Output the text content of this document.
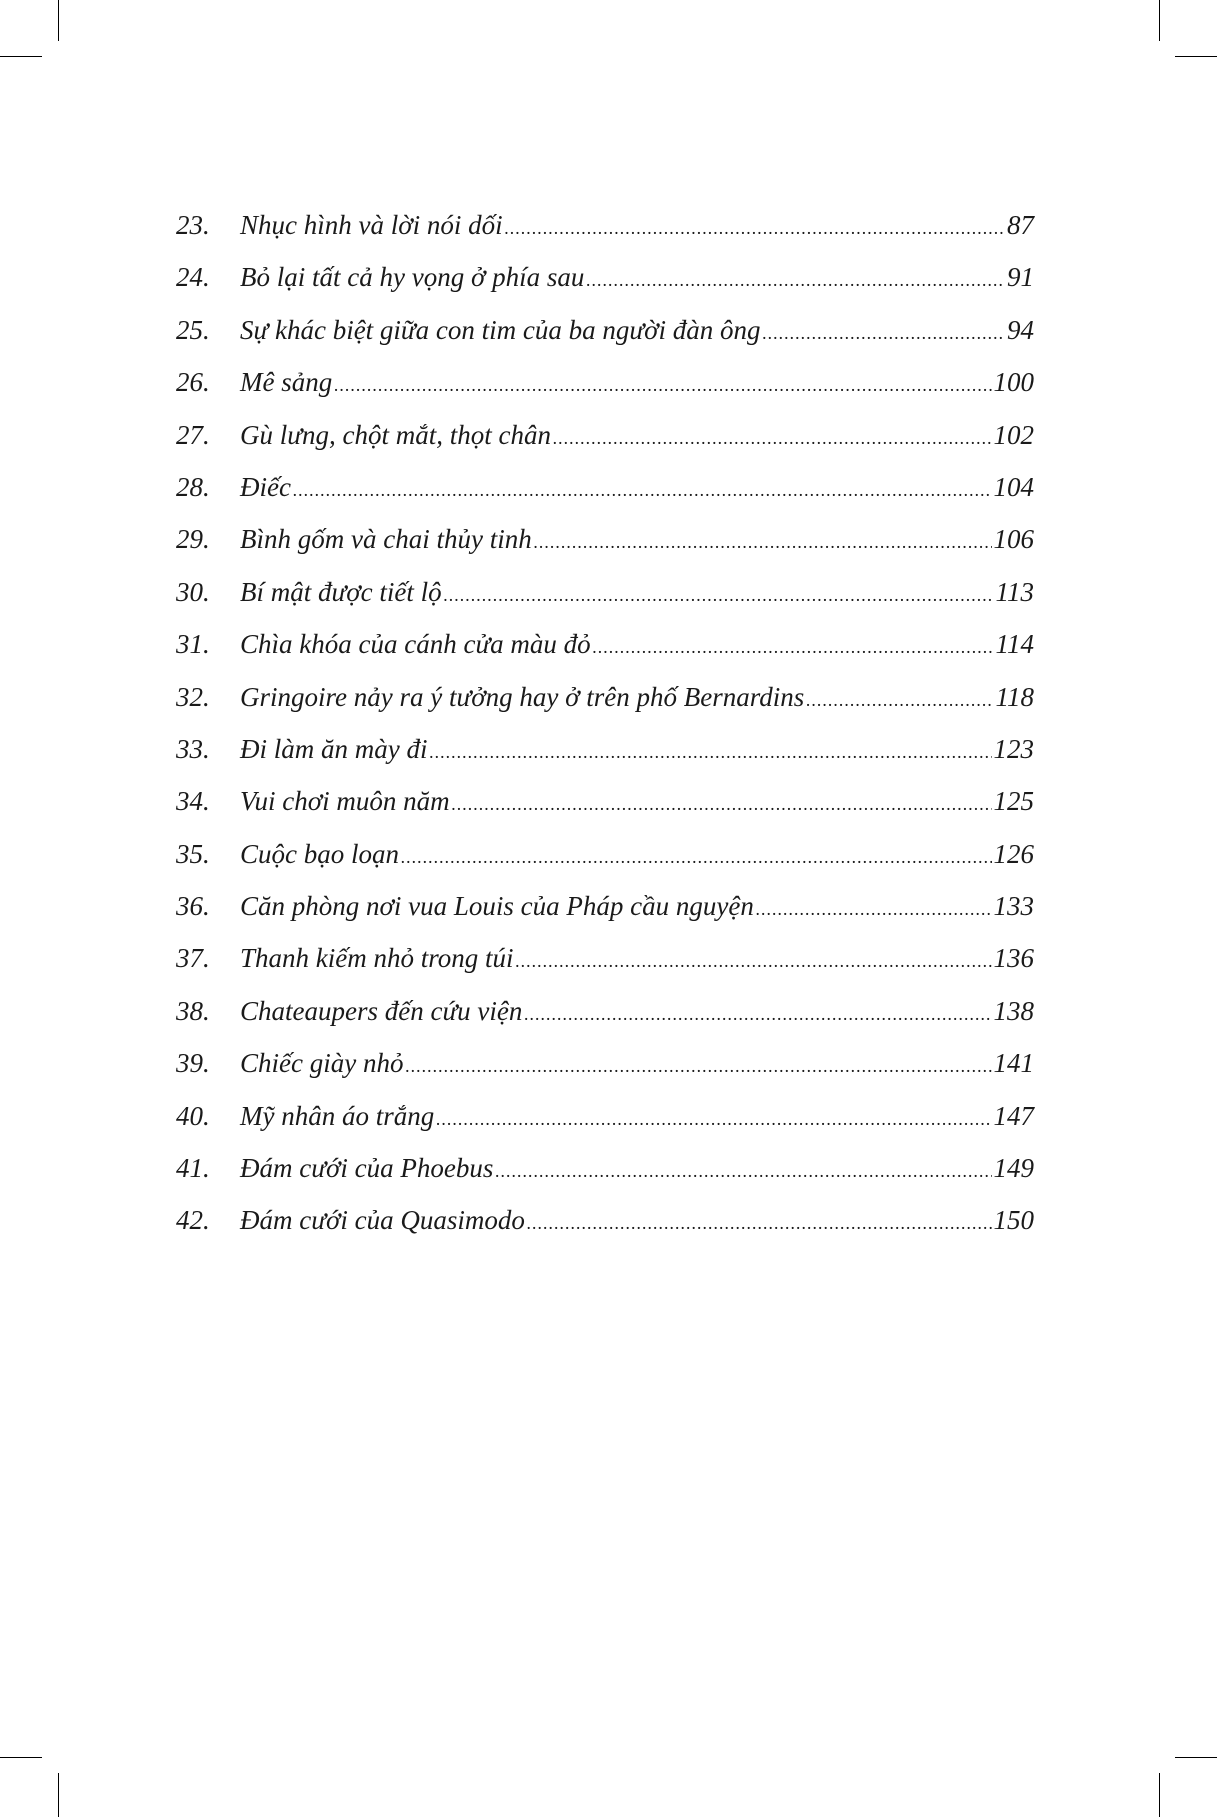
23.	Nhục hình và lời nói dối .....	87
24.	Bỏ lại tất cả hy vọng ở phía sau .....	91
25.	Sự khác biệt giữa con tim của ba người đàn ông .....	94
26.	Mê sảng .....	100
27.	Gù lưng, chột mắt, thọt chân .....	102
28.	Điếc .....	104
29.	Bình gốm và chai thủy tinh .....	106
30.	Bí mật được tiết lộ .....	113
31.	Chìa khóa của cánh cửa màu đỏ .....	114
32.	Gringoire nảy ra ý tưởng hay ở trên phố Bernardins .....	118
33.	Đi làm ăn mày đi .....	123
34.	Vui chơi muôn năm .....	125
35.	Cuộc bạo loạn .....	126
36.	Căn phòng nơi vua Louis của Pháp cầu nguyện .....	133
37.	Thanh kiếm nhỏ trong túi .....	136
38.	Chateaupers đến cứu viện .....	138
39.	Chiếc giày nhỏ .....	141
40.	Mỹ nhân áo trắng .....	147
41.	Đám cưới của Phoebus .....	149
42.	Đám cưới của Quasimodo .....	150
